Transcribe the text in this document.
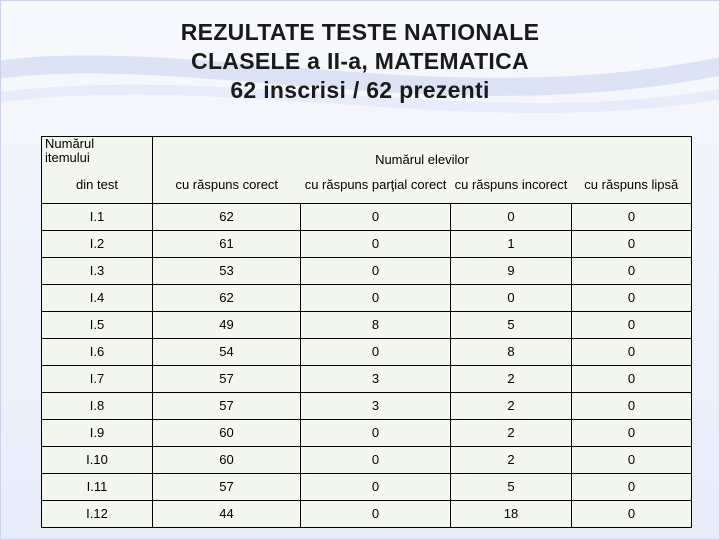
REZULTATE TESTE NATIONALE
CLASELE a II-a, MATEMATICA
62 inscrisi / 62 prezenti
Numărul
itemului	Numărul elevilor			
din test	cu răspuns corect	cu răspuns parţial corect	cu răspuns incorect	cu răspuns lipsă
I.1	62	0	0	0
I.2	61	0	1	0
I.3	53	0	9	0
I.4	62	0	0	0
I.5	49	8	5	0
I.6	54	0	8	0
I.7	57	3	2	0
I.8	57	3	2	0
I.9	60	0	2	0
I.10	60	0	2	0
I.11	57	0	5	0
I.12	44	0	18	0
